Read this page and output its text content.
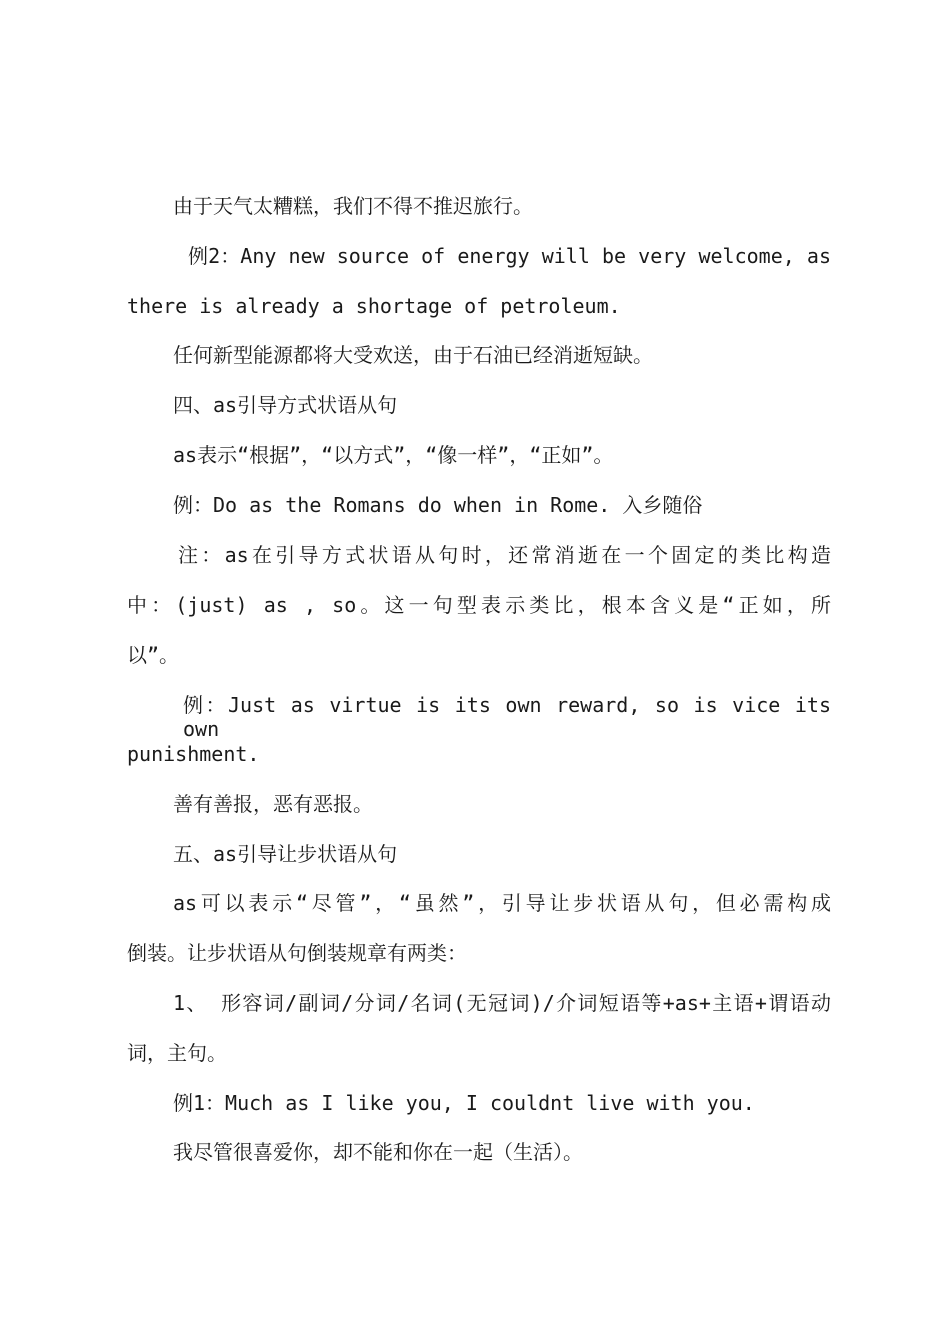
由于天气太糟糕，我们不得不推迟旅行。
例2：Any new source of energy will be very welcome, as
there is already a shortage of petroleum.
任何新型能源都将大受欢送，由于石油已经消逝短缺。
四、as引导方式状语从句
as表示“根据”，“以方式”，“像一样”，“正如”。
例：Do as the Romans do when in Rome. 入乡随俗
注：as在引导方式状语从句时，还常消逝在一个固定的类比构造
中：(just) as , so。这一句型表示类比，根本含义是“正如，所
以”。
例：Just as virtue is its own reward, so is vice its own
punishment.
善有善报，恶有恶报。
五、as引导让步状语从句
as可以表示“尽管”，“虽然”，引导让步状语从句，但必需构成
倒装。让步状语从句倒装规章有两类：
1、 形容词/副词/分词/名词(无冠词)/介词短语等+as+主语+谓语动
词，主句。
例1：Much as I like you, I couldnt live with you.
我尽管很喜爱你，却不能和你在一起（生活）。
